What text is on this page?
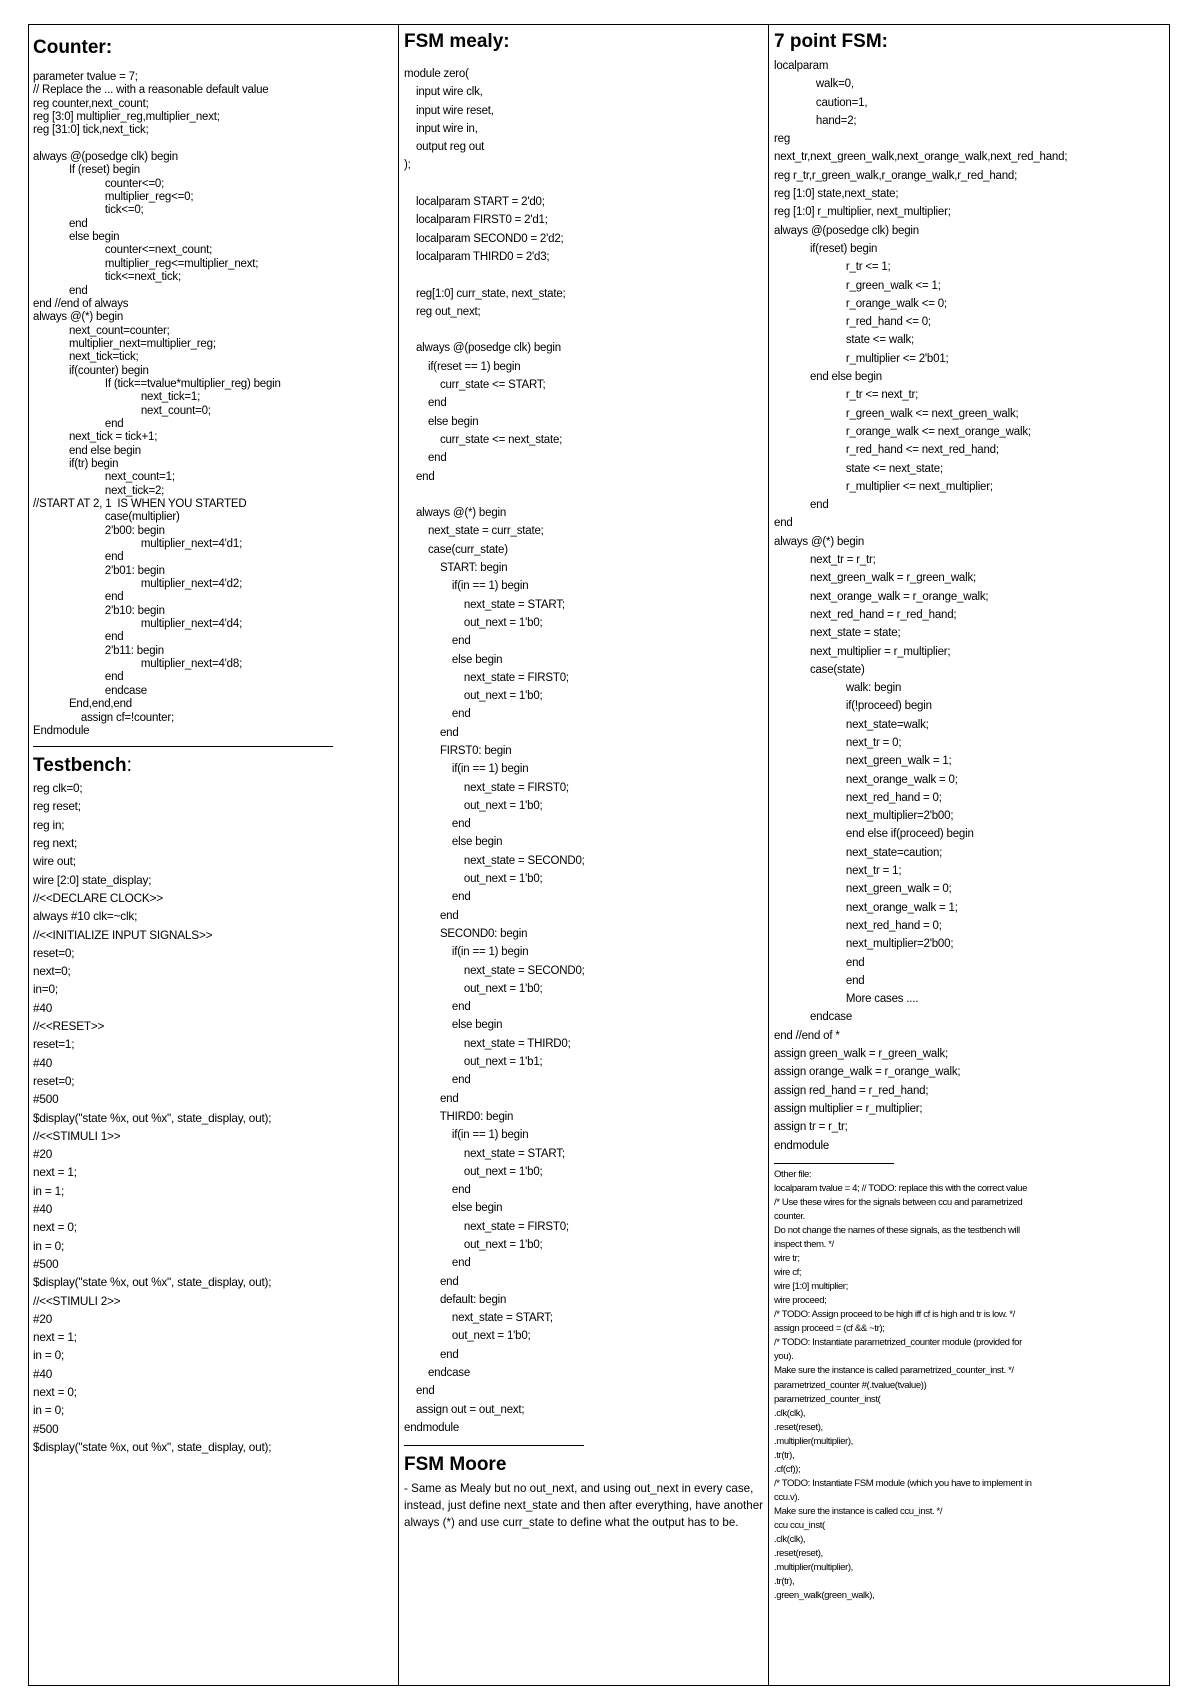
Counter:
parameter tvalue = 7;
// Replace the ... with a reasonable default value
reg counter,next_count;
reg [3:0] multiplier_reg,multiplier_next;
reg [31:0] tick,next_tick;

always @(posedge clk) begin
If (reset) begin
counter<=0;
multiplier_reg<=0;
tick<=0;
end
else begin
counter<=next_count;
multiplier_reg<=multiplier_next;
tick<=next_tick;
end
end //end of always
always @(*) begin
next_count=counter;
multiplier_next=multiplier_reg;
next_tick=tick;
if(counter) begin
If (tick==tvalue*multiplier_reg) begin
next_tick=1;
next_count=0;
end
next_tick = tick+1;
end else begin
if(tr) begin
next_count=1;
next_tick=2;
//START AT 2, 1  IS WHEN YOU STARTED
case(multiplier)
2'b00: begin
multiplier_next=4'd1;
end
2'b01: begin
multiplier_next=4'd2;
end
2'b10: begin
multiplier_next=4'd4;
end
2'b11: begin
multiplier_next=4'd8;
end
endcase
End,end,end
assign cf=!counter;
Endmodule
Testbench:
reg clk=0;
reg reset;
reg in;
reg next;
wire out;
wire [2:0] state_display;
//<<DECLARE CLOCK>>
always #10 clk=~clk;
//<<INITIALIZE INPUT SIGNALS>>
reset=0;
next=0;
in=0;
#40
//<<RESET>>
reset=1;
#40
reset=0;
#500
$display("state %x, out %x", state_display, out);
//<<STIMULI 1>>
#20
next = 1;
in = 1;
#40
next = 0;
in = 0;
#500
$display("state %x, out %x", state_display, out);
//<<STIMULI 2>>
#20
next = 1;
in = 0;
#40
next = 0;
in = 0;
#500
$display("state %x, out %x", state_display, out);
FSM mealy:
module zero(
input wire clk,
input wire reset,
input wire in,
output reg out
);

localparam START = 2'd0;
localparam FIRST0 = 2'd1;
localparam SECOND0 = 2'd2;
localparam THIRD0 = 2'd3;

reg[1:0] curr_state, next_state;
reg out_next;

always @(posedge clk) begin
if(reset == 1) begin
curr_state <= START;
end
else begin
curr_state <= next_state;
end
end

always @(*) begin
next_state = curr_state;
case(curr_state)
START: begin
if(in == 1) begin
next_state = START;
out_next = 1'b0;
end
else begin
next_state = FIRST0;
out_next = 1'b0;
end
end
FIRST0: begin
if(in == 1) begin
next_state = FIRST0;
out_next = 1'b0;
end
else begin
next_state = SECOND0;
out_next = 1'b0;
end
end
SECOND0: begin
if(in == 1) begin
next_state = SECOND0;
out_next = 1'b0;
end
else begin
next_state = THIRD0;
out_next = 1'b1;
end
end
THIRD0: begin
if(in == 1) begin
next_state = START;
out_next = 1'b0;
end
else begin
next_state = FIRST0;
out_next = 1'b0;
end
end
default: begin
next_state = START;
out_next = 1'b0;
end
endcase
end
assign out = out_next;
endmodule
FSM Moore
- Same as Mealy but no out_next, and using out_next in every case, instead, just define next_state and then after everything, have another always (*) and use curr_state to define what the output has to be.
7 point FSM:
localparam
walk=0,
caution=1,
hand=2;
reg
next_tr,next_green_walk,next_orange_walk,next_red_hand;
reg r_tr,r_green_walk,r_orange_walk,r_red_hand;
reg [1:0] state,next_state;
reg [1:0] r_multiplier, next_multiplier;
always @(posedge clk) begin
if(reset) begin
r_tr <= 1;
r_green_walk <= 1;
r_orange_walk <= 0;
r_red_hand <= 0;
state <= walk;
r_multiplier <= 2'b01;
end else begin
r_tr <= next_tr;
r_green_walk <= next_green_walk;
r_orange_walk <= next_orange_walk;
r_red_hand <= next_red_hand;
state <= next_state;
r_multiplier <= next_multiplier;
end
end
always @(*) begin
next_tr = r_tr;
next_green_walk = r_green_walk;
next_orange_walk = r_orange_walk;
next_red_hand = r_red_hand;
next_state = state;
next_multiplier = r_multiplier;
case(state)
walk: begin
if(!proceed) begin
next_state=walk;
next_tr = 0;
next_green_walk = 1;
next_orange_walk = 0;
next_red_hand = 0;
next_multiplier=2'b00;
end else if(proceed) begin
next_state=caution;
next_tr = 1;
next_green_walk = 0;
next_orange_walk = 1;
next_red_hand = 0;
next_multiplier=2'b00;
end
end
More cases ....
endcase
end //end of *
assign green_walk = r_green_walk;
assign orange_walk = r_orange_walk;
assign red_hand = r_red_hand;
assign multiplier = r_multiplier;
assign tr = r_tr;
endmodule
Other file:
localparam tvalue = 4; // TODO: replace this with the correct value
/* Use these wires for the signals between ccu and parametrized
counter.
Do not change the names of these signals, as the testbench will
inspect them. */
wire tr;
wire cf;
wire [1:0] multiplier;
wire proceed;
/* TODO: Assign proceed to be high iff cf is high and tr is low. */
assign proceed = (cf && ~tr);
/* TODO: Instantiate parametrized_counter module (provided for
you).
Make sure the instance is called parametrized_counter_inst. */
parametrized_counter #(.tvalue(tvalue))
parametrized_counter_inst(
.clk(clk),
.reset(reset),
.multiplier(multiplier),
.tr(tr),
.cf(cf));
/* TODO: Instantiate FSM module (which you have to implement in
ccu.v).
Make sure the instance is called ccu_inst. */
ccu ccu_inst(
.clk(clk),
.reset(reset),
.multiplier(multiplier),
.tr(tr),
.green_walk(green_walk),
